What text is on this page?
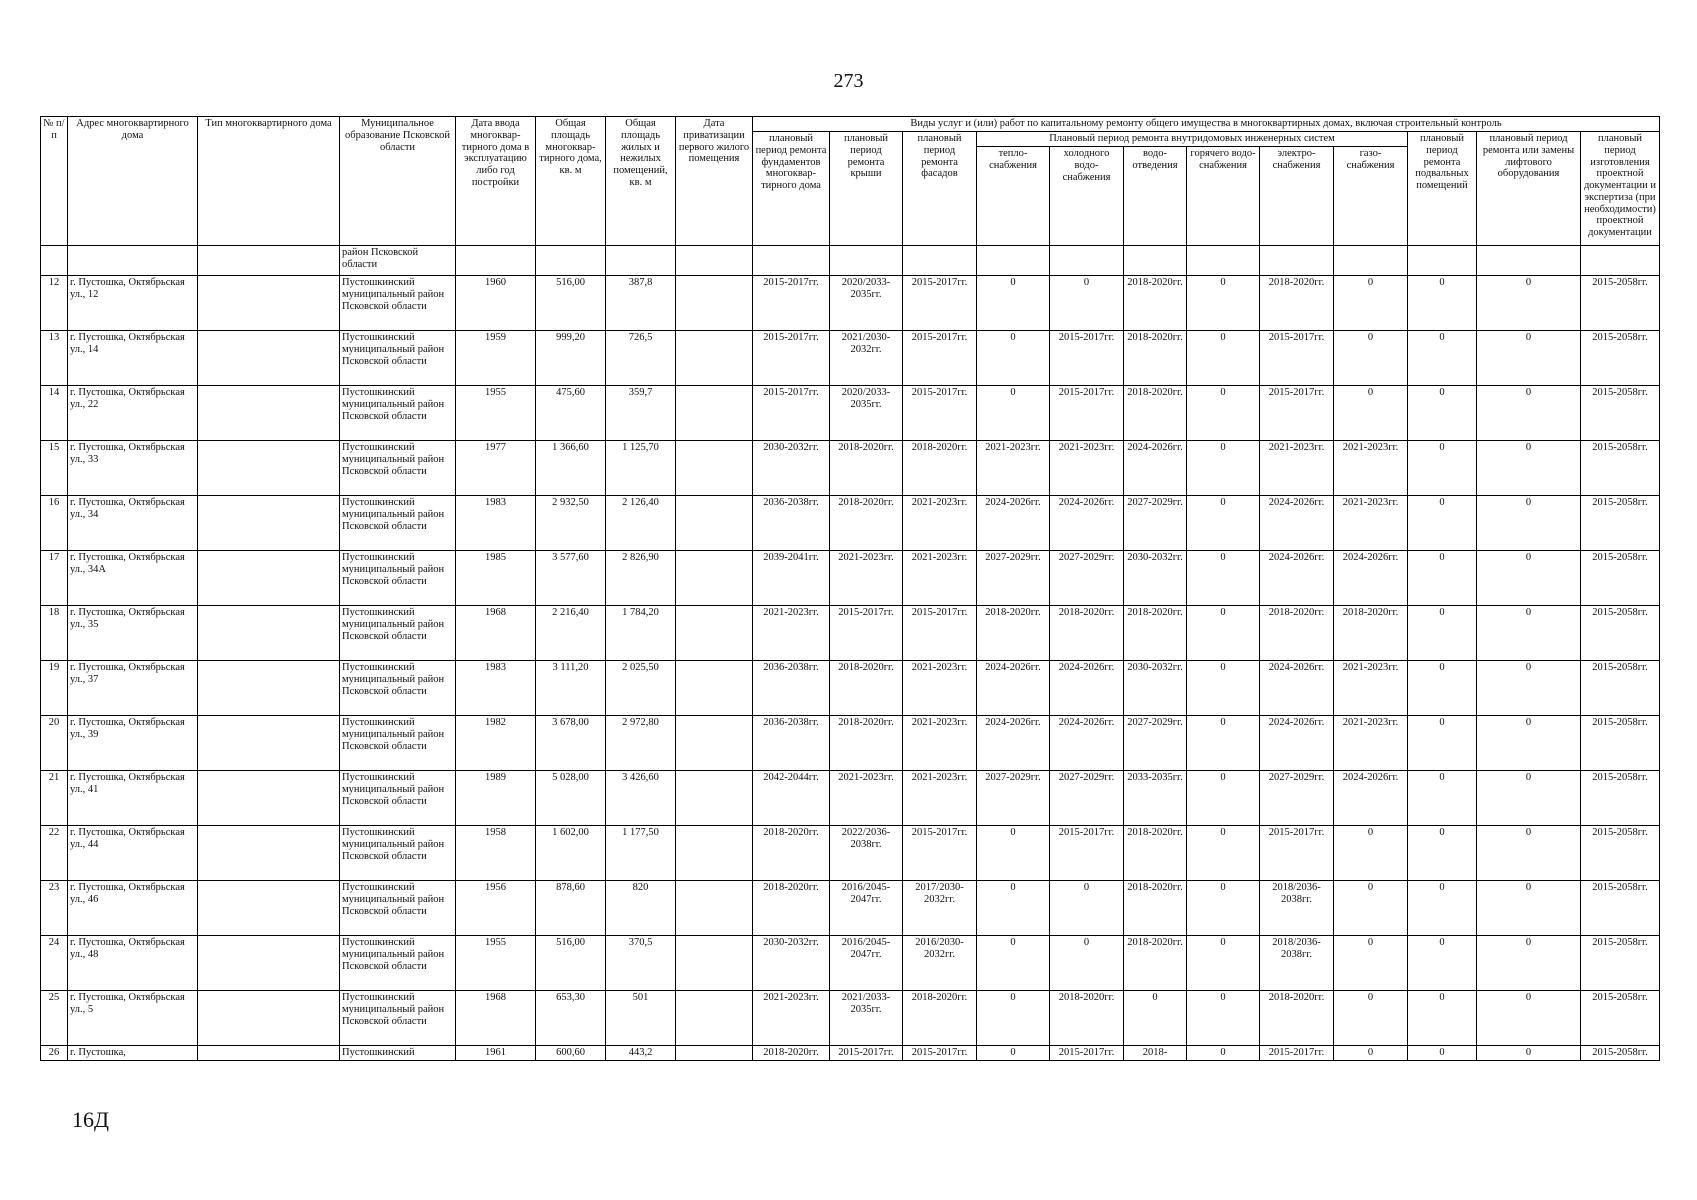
273
№ п/п	Адрес многоквартирного дома	Тип многоквартирного дома	Муниципальное образование Псковской области	Дата ввода многоквар-тирного дома в эксплуатацию либо год постройки	Общая площадь многоквар-тирного дома, кв. м	Общая площадь жилых и нежилых помещений, кв. м	Дата приватизации первого жилого помещения	Виды услуг и (или) работ по капитальному ремонту общего имущества в многоквартирных домах, включая строительный контроль											
								плановый период ремонта фундаментов многоквар-тирного дома	плановый период ремонта крыши	плановый период ремонта фасадов	Плановый период ремонта внутридомовых инженерных систем						плановый период ремонта подвальных помещений	плановый период ремонта или замены лифтового оборудования	плановый период изготовления проектной документации и экспертиза (при необходимости) проектной документации
											тепло-снабжения	холодного водо-снабжения	водо-отведения	горячего водо-снабжения	электро-снабжения	газо-снабжения			
			район Псковской области																
12	г. Пустошка, Октябрьская ул., 12		Пустошкинский муниципальный район Псковской области	1960	516,00	387,8		2015-2017гг.	2020/2033-2035гг.	2015-2017гг.	0	0	2018-2020гг.	0	2018-2020гг.	0	0	0	2015-2058гг.
13	г. Пустошка, Октябрьская ул., 14		Пустошкинский муниципальный район Псковской области	1959	999,20	726,5		2015-2017гг.	2021/2030-2032гг.	2015-2017гг.	0	2015-2017гг.	2018-2020гг.	0	2015-2017гг.	0	0	0	2015-2058гг.
14	г. Пустошка, Октябрьская ул., 22		Пустошкинский муниципальный район Псковской области	1955	475,60	359,7		2015-2017гг.	2020/2033-2035гг.	2015-2017гг.	0	2015-2017гг.	2018-2020гг.	0	2015-2017гг.	0	0	0	2015-2058гг.
15	г. Пустошка, Октябрьская ул., 33		Пустошкинский муниципальный район Псковской области	1977	1 366,60	1 125,70		2030-2032гг.	2018-2020гг.	2018-2020гг.	2021-2023гг.	2021-2023гг.	2024-2026гг.	0	2021-2023гг.	2021-2023гг.	0	0	2015-2058гг.
16	г. Пустошка, Октябрьская ул., 34		Пустошкинский муниципальный район Псковской области	1983	2 932,50	2 126,40		2036-2038гг.	2018-2020гг.	2021-2023гг.	2024-2026гг.	2024-2026гг.	2027-2029гг.	0	2024-2026гг.	2021-2023гг.	0	0	2015-2058гг.
17	г. Пустошка, Октябрьская ул., 34А		Пустошкинский муниципальный район Псковской области	1985	3 577,60	2 826,90		2039-2041гг.	2021-2023гг.	2021-2023гг.	2027-2029гг.	2027-2029гг.	2030-2032гг.	0	2024-2026гг.	2024-2026гг.	0	0	2015-2058гг.
18	г. Пустошка, Октябрьская ул., 35		Пустошкинский муниципальный район Псковской области	1968	2 216,40	1 784,20		2021-2023гг.	2015-2017гг.	2015-2017гг.	2018-2020гг.	2018-2020гг.	2018-2020гг.	0	2018-2020гг.	2018-2020гг.	0	0	2015-2058гг.
19	г. Пустошка, Октябрьская ул., 37		Пустошкинский муниципальный район Псковской области	1983	3 111,20	2 025,50		2036-2038гг.	2018-2020гг.	2021-2023гг.	2024-2026гг.	2024-2026гг.	2030-2032гг.	0	2024-2026гг.	2021-2023гг.	0	0	2015-2058гг.
20	г. Пустошка, Октябрьская ул., 39		Пустошкинский муниципальный район Псковской области	1982	3 678,00	2 972,80		2036-2038гг.	2018-2020гг.	2021-2023гг.	2024-2026гг.	2024-2026гг.	2027-2029гг.	0	2024-2026гг.	2021-2023гг.	0	0	2015-2058гг.
21	г. Пустошка, Октябрьская ул., 41		Пустошкинский муниципальный район Псковской области	1989	5 028,00	3 426,60		2042-2044гг.	2021-2023гг.	2021-2023гг.	2027-2029гг.	2027-2029гг.	2033-2035гг.	0	2027-2029гг.	2024-2026гг.	0	0	2015-2058гг.
22	г. Пустошка, Октябрьская ул., 44		Пустошкинский муниципальный район Псковской области	1958	1 602,00	1 177,50		2018-2020гг.	2022/2036-2038гг.	2015-2017гг.	0	2015-2017гг.	2018-2020гг.	0	2015-2017гг.	0	0	0	2015-2058гг.
23	г. Пустошка, Октябрьская ул., 46		Пустошкинский муниципальный район Псковской области	1956	878,60	820		2018-2020гг.	2016/2045-2047гг.	2017/2030-2032гг.	0	0	2018-2020гг.	0	2018/2036-2038гг.	0	0	0	2015-2058гг.
24	г. Пустошка, Октябрьская ул., 48		Пустошкинский муниципальный район Псковской области	1955	516,00	370,5		2030-2032гг.	2016/2045-2047гг.	2016/2030-2032гг.	0	0	2018-2020гг.	0	2018/2036-2038гг.	0	0	0	2015-2058гг.
25	г. Пустошка, Октябрьская ул., 5		Пустошкинский муниципальный район Псковской области	1968	653,30	501		2021-2023гг.	2021/2033-2035гг.	2018-2020гг.	0	2018-2020гг.	0	0	2018-2020гг.	0	0	0	2015-2058гг.
26	г. Пустошка,		Пустошкинский	1961	600,60	443,2		2018-2020гг.	2015-2017гг.	2015-2017гг.	0	2015-2017гг.	2018-	0	2015-2017гг.	0	0	0	2015-2058гг.
16Д
